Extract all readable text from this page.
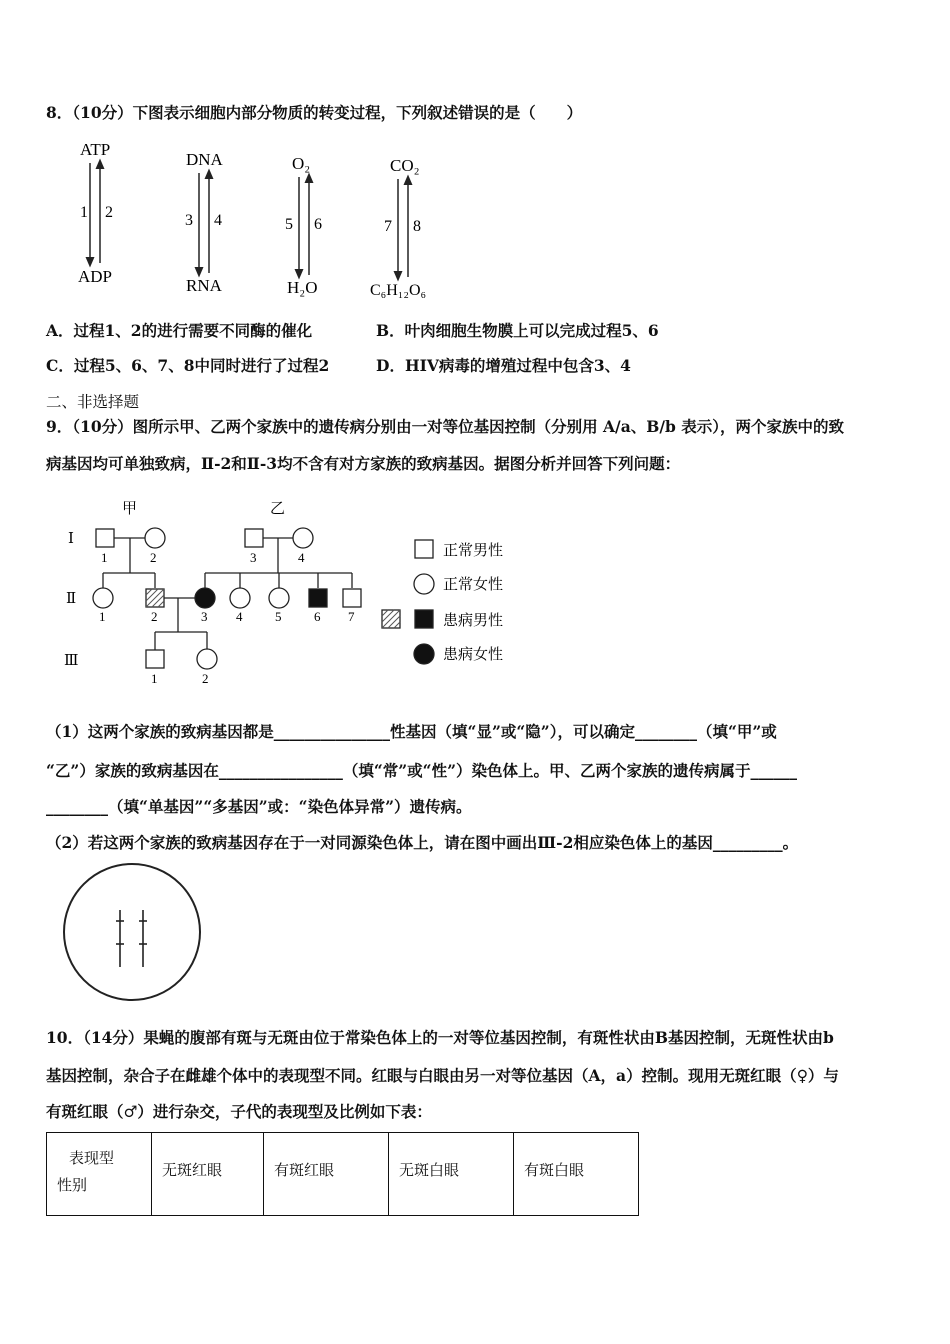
8．（10分）下图表示细胞内部分物质的转变过程，下列叙述错误的是（　　）
ATP
1 2
ADP
DNA
3 4
RNA
O₂
5 6
H₂O
CO₂
7 8
C₆H₁₂O₆
A．过程1、2的进行需要不同酶的催化	B．叶肉细胞生物膜上可以完成过程5、6
C．过程5、6、7、8中同时进行了过程2	D．HIV病毒的增殖过程中包含3、4
二、非选择题
9．（10分）图所示甲、乙两个家族中的遗传病分别由一对等位基因控制（分别用 A/a、B/b 表示），两个家族中的致
病基因均可单独致病，Ⅱ-2和Ⅱ-3均不含有对方家族的致病基因。据图分析并回答下列问题：
甲	乙
Ⅰ
Ⅱ
Ⅲ
1	2	3	4
1	2	3 4	5	6 7
1	2
正常男性
正常女性
患病男性
患病女性
（1）这两个家族的致病基因都是_______________性基因（填“显”或“隐”），可以确定________（填“甲”或
“乙”）家族的致病基因在________________（填“常”或“性”）染色体上。甲、乙两个家族的遗传病属于______
________（填“单基因”“多基因”或：“染色体异常”）遗传病。
（2）若这两个家族的致病基因存在于一对同源染色体上，请在图中画出Ⅲ-2相应染色体上的基因_________。
10．（14分）果蝇的腹部有斑与无斑由位于常染色体上的一对等位基因控制，有斑性状由B基因控制，无斑性状由b
基因控制，杂合子在雌雄个体中的表现型不同。红眼与白眼由另一对等位基因（A，a）控制。现用无斑红眼（♀）与
有斑红眼（♂）进行杂交，子代的表现型及比例如下表：
表现型
性别
	无斑红眼	有斑红眼	无斑白眼	有斑白眼
